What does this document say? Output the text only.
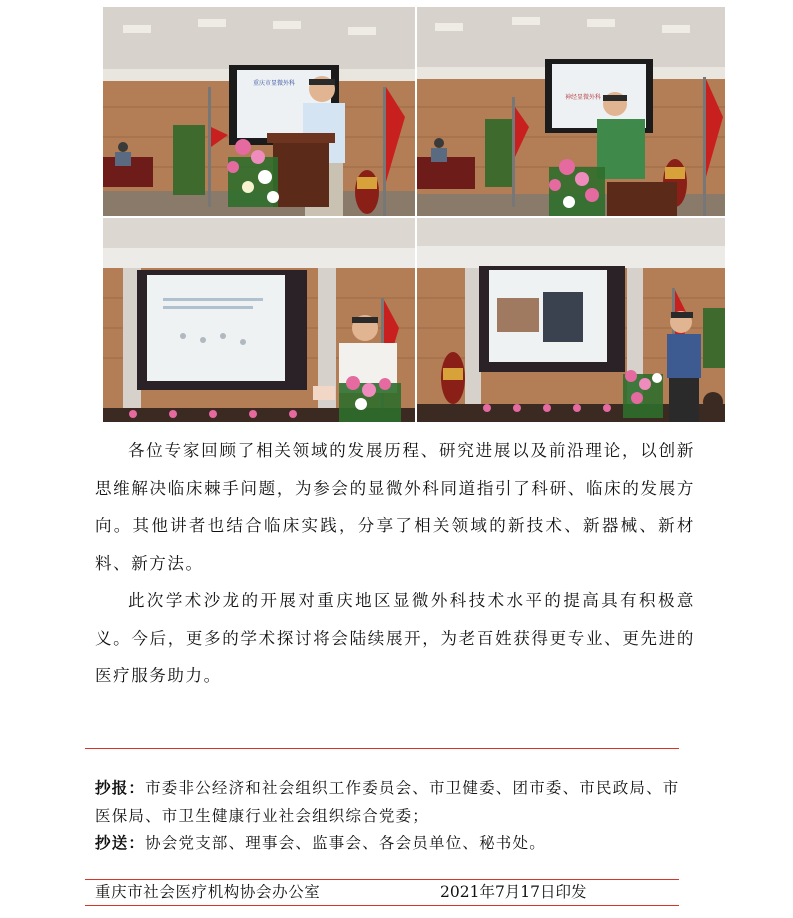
重庆市显微外科
神经显微外科

各位专家回顾了相关领域的发展历程、研究进展以及前沿理论，以创新思维解决临床棘手问题，为参会的显微外科同道指引了科研、临床的发展方向。其他讲者也结合临床实践，分享了相关领域的新技术、新器械、新材料、新方法。

此次学术沙龙的开展对重庆地区显微外科技术水平的提高具有积极意义。今后，更多的学术探讨将会陆续展开，为老百姓获得更专业、更先进的医疗服务助力。

抄报：市委非公经济和社会组织工作委员会、市卫健委、团市委、市民政局、市医保局、市卫生健康行业社会组织综合党委；

抄送：协会党支部、理事会、监事会、各会员单位、秘书处。

重庆市社会医疗机构协会办公室	2021年7月17日印发
